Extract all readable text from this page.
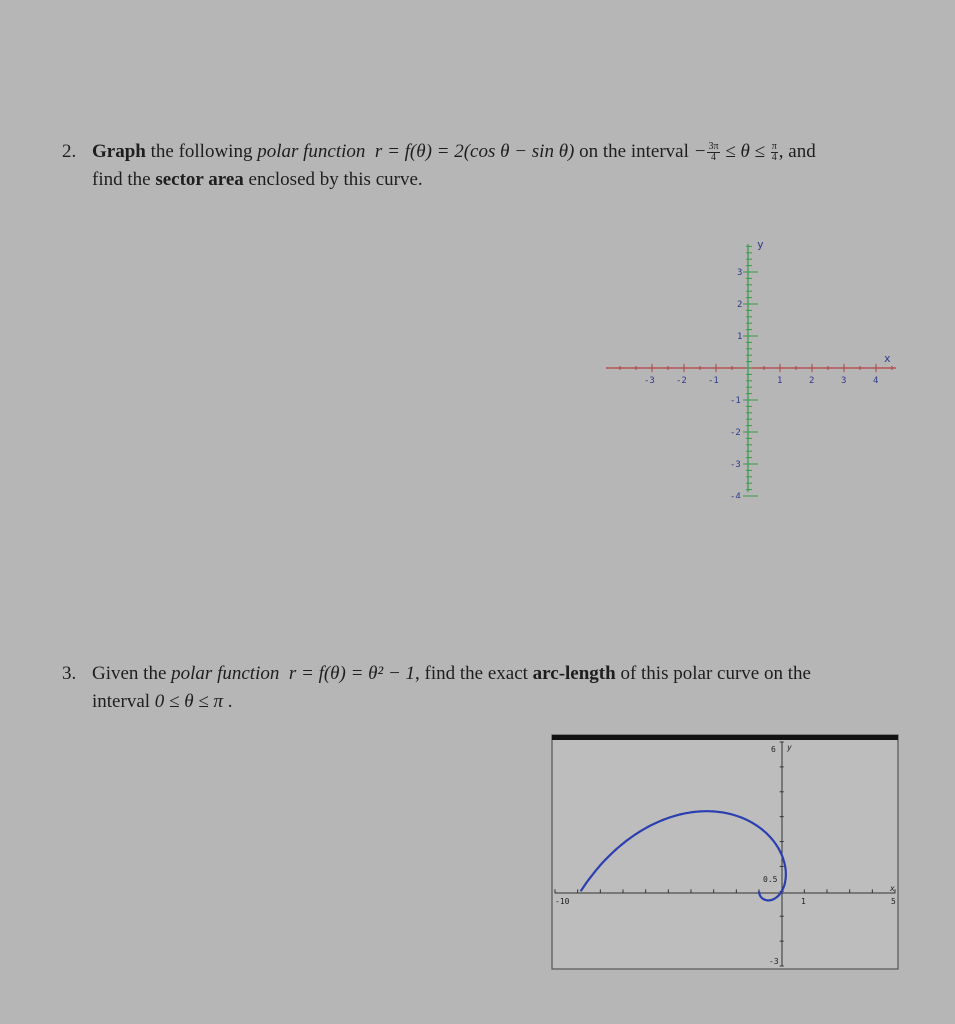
2. Graph the following polar function r = f(θ) = 2(cos θ − sin θ) on the interval − $\frac{3\pi}{4} \le \theta \le \frac{\pi}{4}$ , and
find the sector area enclosed by this curve.
-3 -2 -1	1	2	3	4
3
2
1
-1
-2
-3
-4
x
y
3. Given the polar function r = f(θ) = θ² − 1, find the exact arc-length of this polar curve on the
interval 0 ≤ θ ≤ π .
6 y
0.5
-3
-10	1	5
x
